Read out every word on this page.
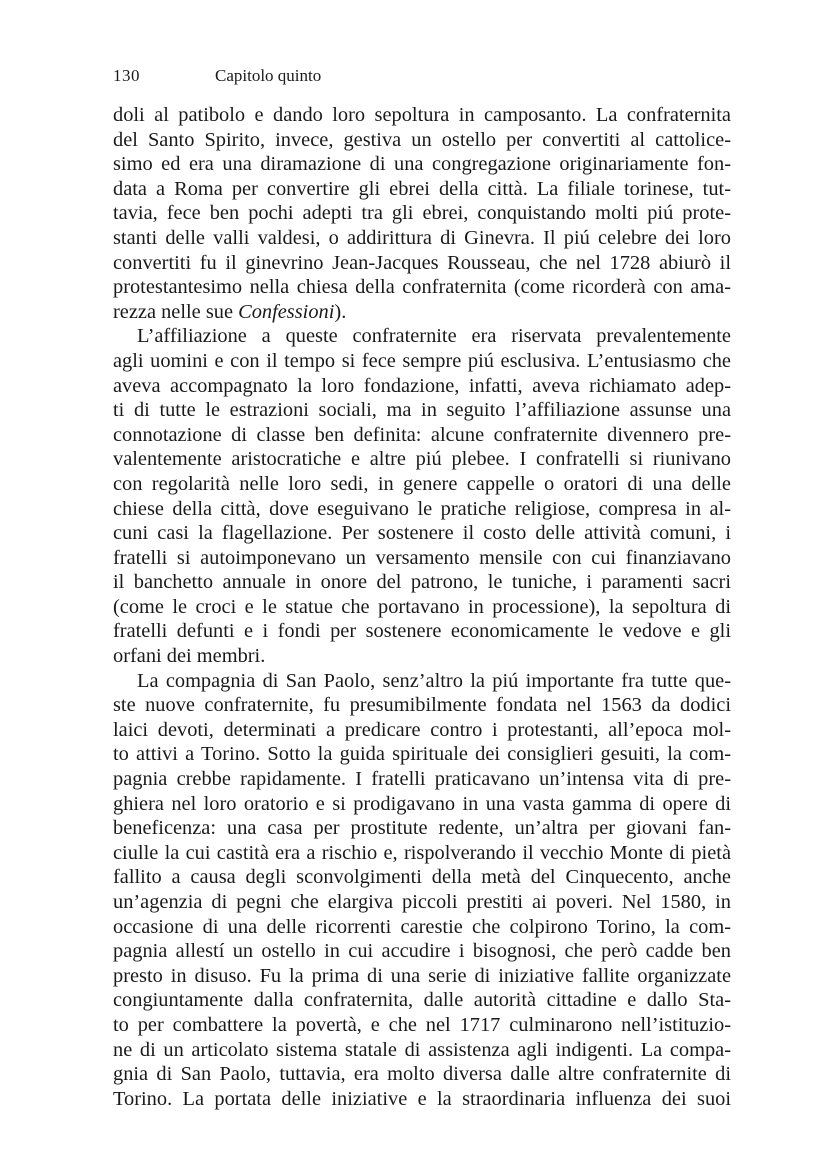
130	Capitolo quinto

doli al patibolo e dando loro sepoltura in camposanto. La confraternita
del Santo Spirito, invece, gestiva un ostello per convertiti al cattolice-
simo ed era una diramazione di una congregazione originariamente fon-
data a Roma per convertire gli ebrei della città. La filiale torinese, tut-
tavia, fece ben pochi adepti tra gli ebrei, conquistando molti piú prote-
stanti delle valli valdesi, o addirittura di Ginevra. Il piú celebre dei loro
convertiti fu il ginevrino Jean-Jacques Rousseau, che nel 1728 abiurò il
protestantesimo nella chiesa della confraternita (come ricorderà con ama-
rezza nelle sue Confessioni).

L’affiliazione a queste confraternite era riservata prevalentemente
agli uomini e con il tempo si fece sempre piú esclusiva. L’entusiasmo che
aveva accompagnato la loro fondazione, infatti, aveva richiamato adep-
ti di tutte le estrazioni sociali, ma in seguito l’affiliazione assunse una
connotazione di classe ben definita: alcune confraternite divennero pre-
valentemente aristocratiche e altre piú plebee. I confratelli si riunivano
con regolarità nelle loro sedi, in genere cappelle o oratori di una delle
chiese della città, dove eseguivano le pratiche religiose, compresa in al-
cuni casi la flagellazione. Per sostenere il costo delle attività comuni, i
fratelli si autoimponevano un versamento mensile con cui finanziavano
il banchetto annuale in onore del patrono, le tuniche, i paramenti sacri
(come le croci e le statue che portavano in processione), la sepoltura di
fratelli defunti e i fondi per sostenere economicamente le vedove e gli
orfani dei membri.

La compagnia di San Paolo, senz’altro la piú importante fra tutte que-
ste nuove confraternite, fu presumibilmente fondata nel 1563 da dodici
laici devoti, determinati a predicare contro i protestanti, all’epoca mol-
to attivi a Torino. Sotto la guida spirituale dei consiglieri gesuiti, la com-
pagnia crebbe rapidamente. I fratelli praticavano un’intensa vita di pre-
ghiera nel loro oratorio e si prodigavano in una vasta gamma di opere di
beneficenza: una casa per prostitute redente, un’altra per giovani fan-
ciulle la cui castità era a rischio e, rispolverando il vecchio Monte di pietà
fallito a causa degli sconvolgimenti della metà del Cinquecento, anche
un’agenzia di pegni che elargiva piccoli prestiti ai poveri. Nel 1580, in
occasione di una delle ricorrenti carestie che colpirono Torino, la com-
pagnia allestí un ostello in cui accudire i bisognosi, che però cadde ben
presto in disuso. Fu la prima di una serie di iniziative fallite organizzate
congiuntamente dalla confraternita, dalle autorità cittadine e dallo Sta-
to per combattere la povertà, e che nel 1717 culminarono nell’istituzio-
ne di un articolato sistema statale di assistenza agli indigenti. La compa-
gnia di San Paolo, tuttavia, era molto diversa dalle altre confraternite di
Torino. La portata delle iniziative e la straordinaria influenza dei suoi
